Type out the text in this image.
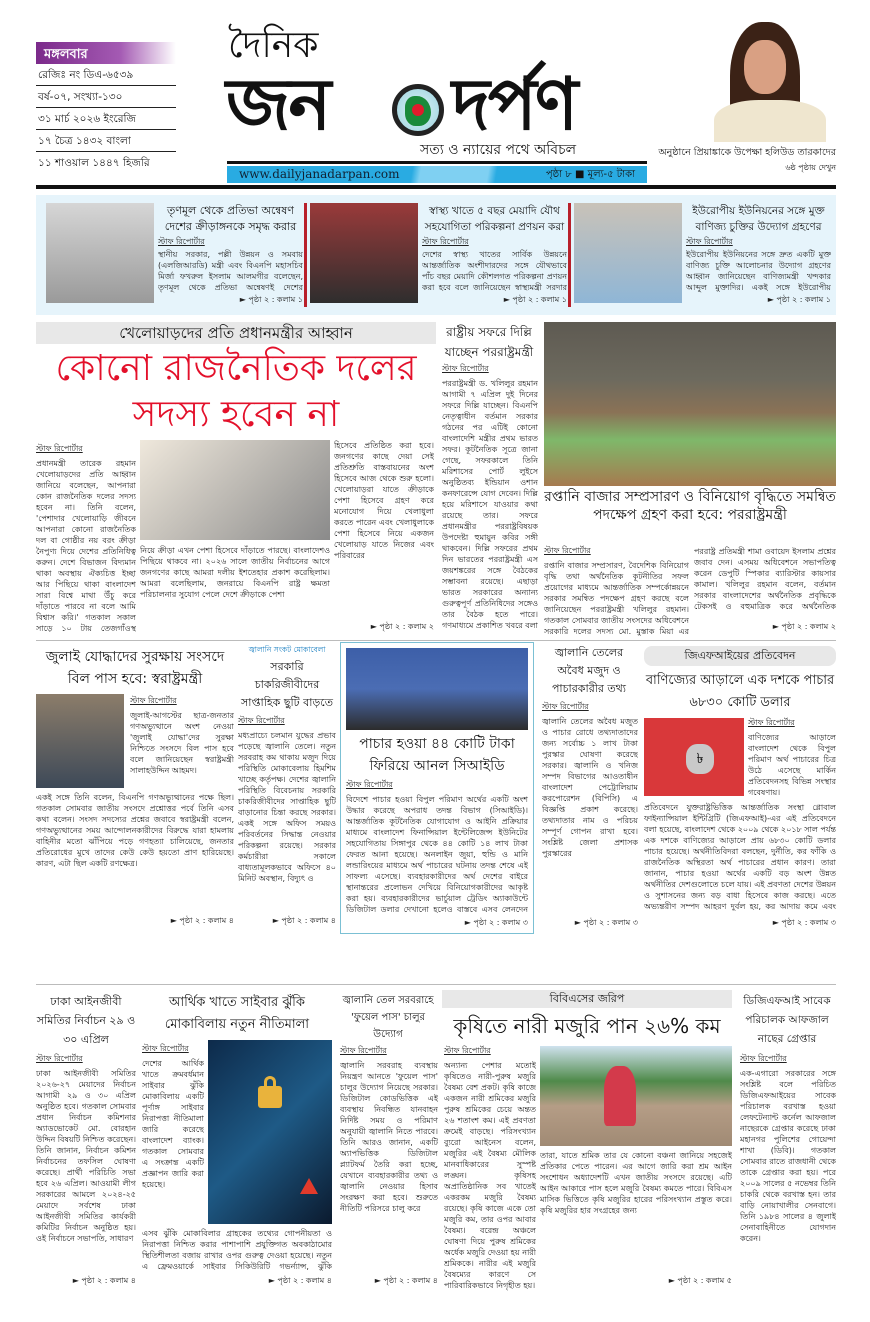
মঙ্গলবার
রেজিঃ নং ডিএ-৬৫৩৯
বর্ষ-০৭, সংখ্যা-১৩০
৩১ মার্চ ২০২৬ ইংরেজি
১৭ চৈত্র ১৪৩২ বাংলা
১১ শাওয়াল ১৪৪৭ হিজরি
দৈনিক
জন দর্পণ
সত্য ও ন্যায়ের পথে অবিচল
www.dailyjanadarpan.com	পৃষ্ঠা ৮ ■ মূল্য-৫ টাকা
অনুষ্ঠানে প্রিয়াঙ্কাকে উপেক্ষা হলিউড তারকাদের
৬ষ্ঠ পৃষ্ঠায় দেখুন
তৃণমূল থেকে প্রতিভা অন্বেষণ দেশের ক্রীড়াঙ্গনকে সমৃদ্ধ করার
স্টাফ রিপোর্টার
স্থানীয় সরকার, পল্লী উন্নয়ন ও সমবায় (এলজিআরডি) মন্ত্রী এবং বিএনপি মহাসচিব মির্জা ফখরুল ইসলাম আলমগীর বলেছেন, তৃণমূল থেকে প্রতিভা অন্বেষণই দেশের
► পৃষ্ঠা ২ : কলাম ১
স্বাস্থ্য খাতে ৫ বছর মেয়াদি যৌথ সহযোগিতা পরিকল্পনা প্রণয়ন করা
স্টাফ রিপোর্টার
দেশের স্বাস্থ্য খাতের সার্বিক উন্নয়নে আন্তর্জাতিক অংশীদারদের সঙ্গে যৌথভাবে পাঁচ বছর মেয়াদি কৌশলগত পরিকল্পনা প্রণয়ন করা হবে বলে জানিয়েছেন স্বাস্থ্যমন্ত্রী সরদার
► পৃষ্ঠা ২ : কলাম ১
ইউরোপীয় ইউনিয়নের সঙ্গে মুক্ত বাণিজ্য চুক্তির উদ্যোগ গ্রহণের
স্টাফ রিপোর্টার
ইউরোপীয় ইউনিয়নের সঙ্গে দ্রুত একটি মুক্ত বাণিজ্য চুক্তি আলোচনার উদ্যোগ গ্রহণের আহ্বান জানিয়েছেন বাণিজ্যমন্ত্রী খন্দকার আব্দুল মুক্তাদির। একই সঙ্গে ইউরোপীয়
► পৃষ্ঠা ২ : কলাম ১
খেলোয়াড়দের প্রতি প্রধানমন্ত্রীর আহ্বান
কোনো রাজনৈতিক দলের
সদস্য হবেন না
স্টাফ রিপোর্টার
প্রধানমন্ত্রী তারেক রহমান খেলোয়াড়দের প্রতি আহ্বান জানিয়ে বলেছেন, আপনারা কোন রাজনৈতিক দলের সদস্য হবেন না। তিনি বলেন, 'পেশাদার খেলোয়াড়ি জীবনে আপনারা কোনো রাজনৈতিক দল বা গোষ্ঠীর নয় বরং ক্রীড়া নৈপুণ্য দিয়ে দেশের প্রতিনিধিত্ব করুন। দেশে বিভাজন বিদ্যমান থাকা অবস্থায় ঐক্যচিত্ত ইচ্ছা আর পিছিয়ে থাকা বাংলাদেশ সারা বিশ্বে মাথা উঁচু করে দাঁড়াতে পারবে না বলে আমি বিশ্বাস করি।' গতকাল সকাল সাড়ে ১০ টায় তেজগাঁওস্থ
নিয়ে ক্রীড়া এখন পেশা হিসেবে দাঁড়াতে পারছে। বাংলাদেশও পিছিয়ে থাকবে না। ২০২৬ সালে জাতীয় নির্বাচনের আগে জনগণের কাছে আমরা দলীয় ইশতেহার প্রকাশ করেছিলাম। আমরা বলেছিলাম, জনরায়ে বিএনপি রাষ্ট্র ক্ষমতা পরিচালনার সুযোগ পেলে দেশে ক্রীড়াকে পেশা
হিসেবে প্রতিষ্ঠিত করা হবে। জনগণের কাছে দেয়া সেই প্রতিশ্রুতি বাস্তবায়নের অংশ হিসেবে আজ থেকে শুরু হলো। খেলোয়াড়রা যাতে ক্রীড়াকে পেশা হিসেবে গ্রহণ করে মনোযোগ দিয়ে খেলাধুলা করতে পারেন এবং খেলাধুলাকে পেশা হিসেবে নিয়ে একজন খেলোয়াড় যাতে নিজের এবং পরিবারের
► পৃষ্ঠা ২ : কলাম ২
রাষ্ট্রীয় সফরে দিল্লি যাচ্ছেন পররাষ্ট্রমন্ত্রী
স্টাফ রিপোর্টার
পররাষ্ট্রমন্ত্রী ড. খলিলুর রহমান আগামী ৭ এপ্রিল দুই দিনের সফরে দিল্লি যাচ্ছেন। বিএনপি নেতৃত্বাধীন বর্তমান সরকার গঠনের পর এটিই কোনো বাংলাদেশি মন্ত্রীর প্রথম ভারত সফর। কূটনৈতিক সূত্রে জানা গেছে, সফরকালে তিনি মরিশাসের পোর্ট লুইসে অনুষ্ঠিতব্য ইন্ডিয়ান ওশান কনফারেন্সে যোগ দেবেন। দিল্লি হয়ে মরিশাসে যাওয়ার কথা রয়েছে তার। সফরে প্রধানমন্ত্রীর পররাষ্ট্রবিষয়ক উপদেষ্টা হুমায়ুন কবির সঙ্গী থাকবেন। দিল্লি সফরের প্রথম দিন ভারতের পররাষ্ট্রমন্ত্রী এস জয়শঙ্করের সঙ্গে বৈঠকের সম্ভাবনা রয়েছে। এছাড়া ভারত সরকারের অন্যান্য গুরুত্বপূর্ণ প্রতিনিধিদের সঙ্গেও তার বৈঠক হতে পারে। গণমাধ্যমে প্রকাশিত খবরে বলা
রপ্তানি বাজার সম্প্রসারণ ও বিনিয়োগ বৃদ্ধিতে সমন্বিত পদক্ষেপ গ্রহণ করা হবে: পররাষ্ট্রমন্ত্রী
স্টাফ রিপোর্টার
রপ্তানি বাজার সম্প্রসারণ, বৈদেশিক বিনিয়োগ বৃদ্ধি তথা অর্থনৈতিক কূটনীতির সফল প্রয়োগের মাধ্যমে আন্তর্জাতিক সম্পর্কোন্নয়নে সরকার সমন্বিত পদক্ষেপ গ্রহণ করছে বলে জানিয়েছেন পররাষ্ট্রমন্ত্রী খলিলুর রহমান। গতকাল সোমবার জাতীয় সংসদের অধিবেশনে সরকারি দলের সদস্য মো. মুস্তাক মিয়া এর
পররাষ্ট্র প্রতিমন্ত্রী শামা ওবায়েদ ইসলাম প্রশ্নের জবাব দেন। এসময় অধিবেশনে সভাপতিত্ব করেন ডেপুটি স্পিকার ব্যারিস্টার কায়সার কামাল। খলিলুর রহমান বলেন, বর্তমান সরকার বাংলাদেশের অর্থনৈতিক প্রবৃদ্ধিকে টেকসই ও বহুমাত্রিক করে অর্থনৈতিক
► পৃষ্ঠা ২ : কলাম ২
জুলাই যোদ্ধাদের সুরক্ষায় সংসদে বিল পাস হবে: স্বরাষ্ট্রমন্ত্রী
স্টাফ রিপোর্টার
জুলাই-আগস্টের ছাত্র-জনতার গণঅভ্যুত্থানে অংশ নেওয়া 'জুলাই যোদ্ধা'দের সুরক্ষা নিশ্চিতে সংসদে বিল পাস হবে বলে জানিয়েছেন স্বরাষ্ট্রমন্ত্রী সালাহউদ্দিন আহমদ।
একই সঙ্গে তিনি বলেন, বিএনপি গণঅভ্যুত্থানের পক্ষে ছিল। গতকাল সোমবার জাতীয় সংসদে প্রশ্নোত্তর পর্বে তিনি এসব কথা বলেন। সংসদ সদস্যের প্রশ্নের জবাবে স্বরাষ্ট্রমন্ত্রী বলেন, গণঅভ্যুত্থানের সময় আন্দোলনকারীদের বিরুদ্ধে যারা হামলায় বাহিনীর মতো ঝাঁপিয়ে পড়ে গণহত্যা চালিয়েছে, জনতার প্রতিরোধের মুখে তাদের কেউ কেউ হয়তো প্রাণ হারিয়েছে। কারণ, এটা ছিল একটি রণক্ষেত্র।
► পৃষ্ঠা ২ : কলাম ৪
জ্বালানি সংকট মোকাবেলা
সরকারি চাকরিজীবীদের সাপ্তাহিক ছুটি বাড়তে
স্টাফ রিপোর্টার
মধ্যপ্রাচ্যে চলমান যুদ্ধের প্রভাব পড়েছে জ্বালানি তেলে। নতুন সরবরাহ কম থাকায় মজুদ দিয়ে পরিস্থিতি মোকাবেলায় হিমশিম খাচ্ছে কর্তৃপক্ষ। দেশের জ্বালানি পরিস্থিতি বিবেচনায় সরকারি চাকরিজীবীদের সাপ্তাহিক ছুটি বাড়ানোর চিন্তা করছে সরকার। একই সঙ্গে অফিস সময়ও পরিবর্তনের সিদ্ধান্ত নেওয়ার পরিকল্পনা রয়েছে। সরকার কর্মচারীরা সকালে বাধ্যতামূলকভাবে অফিসে ৪০ মিনিট অবস্থান, বিদ্যুৎ ও
► পৃষ্ঠা ২ : কলাম ৪
পাচার হওয়া ৪৪ কোটি টাকা ফিরিয়ে আনল সিআইডি
স্টাফ রিপোর্টার
বিদেশে পাচার হওয়া বিপুল পরিমাণ অর্থের একটি অংশ উদ্ধার করেছে অপরাধ তদন্ত বিভাগ (সিআইডি)। আন্তর্জাতিক কূটনৈতিক যোগাযোগ ও আইনি প্রক্রিয়ার মাধ্যমে বাংলাদেশ ফিনান্সিয়াল ইন্টেলিজেন্স ইউনিটের সহযোগিতায় সিঙ্গাপুর থেকে ৪৪ কোটি ১৪ লাখ টাকা ফেরত আনা হয়েছে। অনলাইন জুয়া, হুন্ডি ও মানি লন্ডারিংয়ের মাধ্যমে অর্থ পাচারের ঘটনায় তদন্ত শেষে এই সাফল্য এসেছে। ব্যবহারকারীদের অর্থ দেশের বাইরে স্থানান্তরের প্রলোভন দেখিয়ে বিনিয়োগকারীদের আকৃষ্ট করা হয়। ব্যবহারকারীদের ভার্চুয়াল ট্রেডিং অ্যাকাউন্টে ডিজিটাল ডলার দেখানো হলেও বাস্তবে এসব লেনদেন
► পৃষ্ঠা ২ : কলাম ৩
জ্বালানি তেলের অবৈধ মজুদ ও পাচারকারীর তথ্য
স্টাফ রিপোর্টার
জ্বালানি তেলের অবৈধ মজুত ও পাচার রোধে তথ্যদাতাদের জন্য সর্বোচ্চ ১ লাখ টাকা পুরস্কার ঘোষণা করেছে সরকার। জ্বালানি ও খনিজ সম্পদ বিভাগের আওতাধীন বাংলাদেশ পেট্রোলিয়াম করপোরেশন (বিপিসি) এ বিজ্ঞপ্তি প্রকাশ করেছে। তথ্যদাতার নাম ও পরিচয় সম্পূর্ণ গোপন রাখা হবে। সংশ্লিষ্ট জেলা প্রশাসক পুরস্কারের
► পৃষ্ঠা ২ : কলাম ৩
জিএফআইয়ের প্রতিবেদন
বাণিজ্যের আড়ালে এক দশকে পাচার ৬৮৩০ কোটি ডলার
৳
স্টাফ রিপোর্টার
বাণিজ্যের আড়ালে বাংলাদেশ থেকে বিপুল পরিমাণ অর্থ পাচারের চিত্র উঠে এসেছে মার্কিন প্রতিবেদনসহ বিভিন্ন সংস্থার গবেষণায়।
প্রতিবেদনে যুক্তরাষ্ট্রভিত্তিক আন্তর্জাতিক সংস্থা গ্লোবাল ফাইন্যান্সিয়াল ইন্টিগ্রিটি (জিএফআই)-এর এই প্রতিবেদনে বলা হয়েছে, বাংলাদেশ থেকে ২০০৯ থেকে ২০১৮ সাল পর্যন্ত এক দশকে বাণিজ্যের আড়ালে প্রায় ৬৮৩০ কোটি ডলার পাচার হয়েছে। অর্থনীতিবিদরা বলছেন, দুর্নীতি, কর ফাঁকি ও রাজনৈতিক অস্থিরতা অর্থ পাচারের প্রধান কারণ। তারা জানান, পাচার হওয়া অর্থের একটি বড় অংশ উন্নত অর্থনীতির দেশগুলোতে চলে যায়। এই প্রবণতা দেশের উন্নয়ন ও সুশাসনের জন্য বড় বাধা হিসেবে কাজ করছে। এতে অভ্যন্তরীণ সম্পদ আহরণ দুর্বল হয়, কর আদায় কমে এবং
► পৃষ্ঠা ২ : কলাম ৩
ঢাকা আইনজীবী সমিতির নির্বাচন ২৯ ও ৩০ এপ্রিল
স্টাফ রিপোর্টার
ঢাকা আইনজীবী সমিতির ২০২৬-২৭ মেয়াদের নির্বাচন আগামী ২৯ ও ৩০ এপ্রিল অনুষ্ঠিত হবে। গতকাল সোমবার প্রধান নির্বাচন কমিশনার অ্যাডভোকেট মো. বোরহান উদ্দিন বিষয়টি নিশ্চিত করেছেন। তিনি জানান, নির্বাচন কমিশন নির্বাচনের তফসিল ঘোষণা করেছে। প্রার্থী পরিচিতি সভা হবে ২৬ এপ্রিল। আওয়ামী লীগ সরকারের আমলে ২০২৪-২৫ মেয়াদে সর্বশেষ ঢাকা আইনজীবী সমিতির কার্যকরী কমিটির নির্বাচন অনুষ্ঠিত হয়। ওই নির্বাচনে সভাপতি, সাধারণ
► পৃষ্ঠা ২ : কলাম ৪
আর্থিক খাতে সাইবার ঝুঁকি মোকাবিলায় নতুন নীতিমালা
স্টাফ রিপোর্টার
দেশের আর্থিক খাতে ক্রমবর্ধমান সাইবার ঝুঁকি মোকাবিলায় একটি পূর্ণাঙ্গ সাইবার নিরাপত্তা নীতিমালা জারি করেছে বাংলাদেশ ব্যাংক। গতকাল সোমবার এ সংক্রান্ত একটি প্রজ্ঞাপন জারি করা হয়েছে।
এসব ঝুঁকি মোকাবিলার গ্রাহকের তথ্যের গোপনীয়তা ও নিরাপত্তা নিশ্চিত করার পাশাপাশি প্রযুক্তিগত অবকাঠামোর স্থিতিশীলতা বজায় রাখার ওপর গুরুত্ব দেওয়া হয়েছে। নতুন এ ফ্রেমওয়ার্কে সাইবার সিকিউরিটি গভর্ন্যান্স, ঝুঁকি
► পৃষ্ঠা ২ : কলাম ৪
জ্বালানি তেল সরবরাহে 'ফুয়েল পাস' চালুর উদ্যোগ
স্টাফ রিপোর্টার
জ্বালানি সরবরাহ ব্যবস্থায় নিয়ন্ত্রণ আনতে 'ফুয়েল পাস' চালুর উদ্যোগ নিয়েছে সরকার। ডিজিটাল কোডভিত্তিক এই ব্যবস্থায় নিবন্ধিত যানবাহন নির্দিষ্ট সময় ও পরিমাণ অনুযায়ী জ্বালানি নিতে পারবে। তিনি আরও জানান, একটি অ্যাপভিত্তিক ডিজিটাল প্ল্যাটফর্ম তৈরি করা হচ্ছে, যেখানে ব্যবহারকারীর তথ্য ও জ্বালানি নেওয়ার হিসাব সংরক্ষণ করা হবে। শুরুতে নীতিটি পরিসরে চালু করে
► পৃষ্ঠা ২ : কলাম ৪
বিবিএসের জরিপ
কৃষিতে নারী মজুরি পান ২৬% কম
স্টাফ রিপোর্টার
অন্যান্য পেশার মতোই কৃষিতেও নারী-পুরুষ মজুরি বৈষম্য বেশ প্রকট। কৃষি কাজে একজন নারী শ্রমিকের মজুরি পুরুষ শ্রমিকের চেয়ে অন্তত ২৬ শতাংশ কম। এই প্রবণতা ক্রমেই বাড়ছে। পরিসংখ্যান ব্যুরো আইনেস বলেন, মজুরির এই বৈষম্য মৌলিক মানবাধিকারের সুস্পষ্ট লঙ্ঘন। কৃষিসহ অপ্রাতিষ্ঠানিক সব খাতেই একরকম মজুরি বৈষম্য রয়েছে। কৃষি কাজে একে তো মজুরি কম, তার ওপর আবার বৈষম্য। বরেন্দ্র অঞ্চলে ঘোষণা দিয়ে পুরুষ শ্রমিকের অর্ধেক মজুরি দেওয়া হয় নারী শ্রমিককে। নারীর এই মজুরি বৈষম্যের কারণে সে পারিবারিকভাবে নিগৃহীত হয়।
তারা, যাতে শ্রমিক তার যে কোনো বঞ্চনা জানিয়ে সহজেই প্রতিকার পেতে পারেন। এর আগে জারি করা শ্রম আইন সংশোধন অধ্যাদেশটি এখন জাতীয় সংসদে রয়েছে। এটি আইন আকারে পাস হলে মজুরি বৈষম্য কমতে পারে। বিবিএস মাসিক ভিত্তিতে কৃষি মজুরির হারের পরিসংখ্যান প্রস্তুত করে। কৃষি মজুরির হার সংগ্রহের জন্য
► পৃষ্ঠা ২ : কলাম ৫
ডিজিএফআই সাবেক পরিচালক আফজাল নাছের গ্রেপ্তার
স্টাফ রিপোর্টার
এক-এগারো সরকারের সঙ্গে সংশ্লিষ্ট বলে পরিচিত ডিজিএফআইয়ের সাবেক পরিচালক বরখাস্ত হওয়া লেফটেন্যান্ট কর্নেল আফজাল নাছেরকে গ্রেপ্তার করেছে ঢাকা মহানগর পুলিশের গোয়েন্দা শাখা (ডিবি)। গতকাল সোমবার রাতে রাজধানী থেকে তাকে গ্রেপ্তার করা হয়। পরে ২০০৯ সালের ৫ নভেম্বর তিনি চাকরি থেকে বরখাস্ত হন। তার বাড়ি নোয়াখালীর সেনবাগে। তিনি ১৯৮৪ সালের ৪ জুলাই সেনাবাহিনীতে যোগদান করেন।
